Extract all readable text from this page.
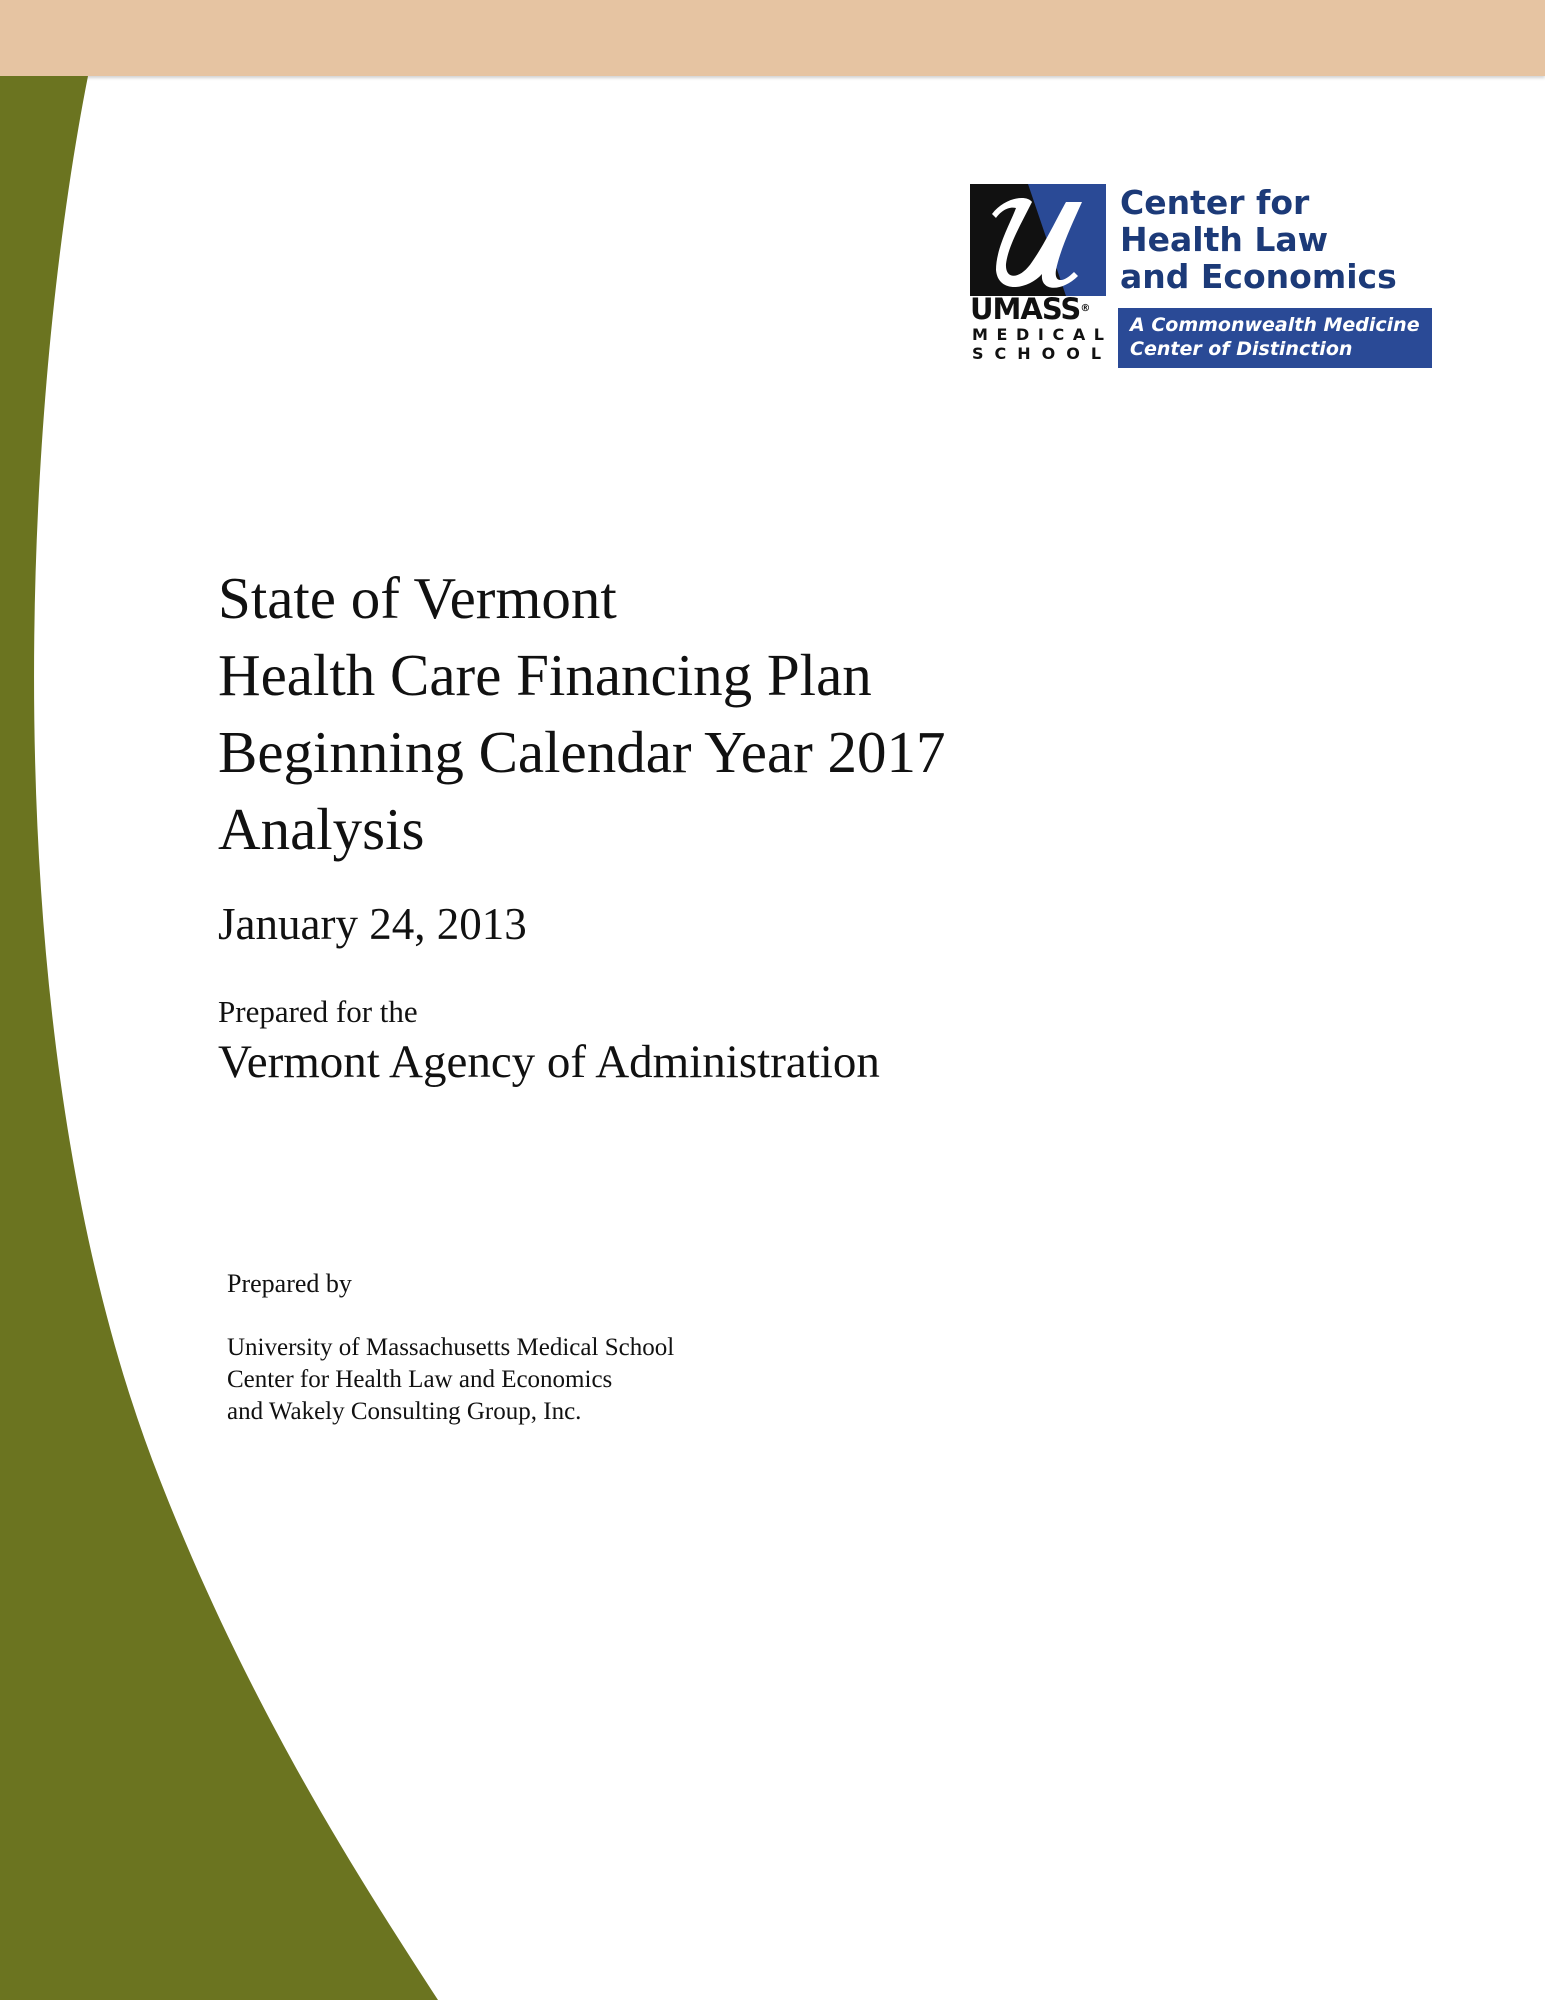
UMASS®
MEDICAL
SCHOOL
Center for
Health Law
and Economics
A Commonwealth Medicine
Center of Distinction
State of Vermont
Health Care Financing Plan
Beginning Calendar Year 2017
Analysis
January 24, 2013
Prepared for the
Vermont Agency of Administration
Prepared by
University of Massachusetts Medical School
Center for Health Law and Economics
and Wakely Consulting Group, Inc.
